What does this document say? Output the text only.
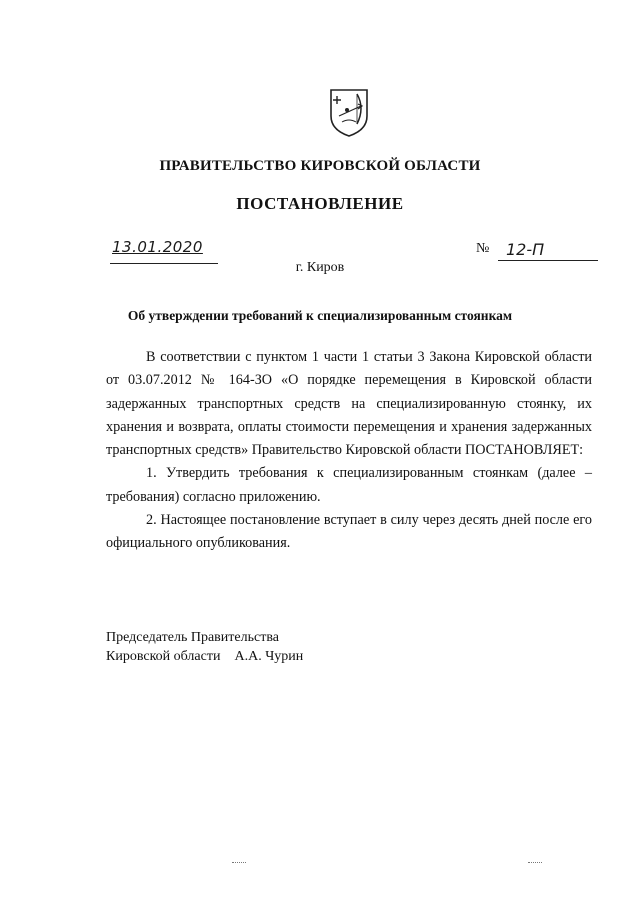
ПРАВИТЕЛЬСТВО КИРОВСКОЙ ОБЛАСТИ
ПОСТАНОВЛЕНИЕ
13.01.2020	№ 12-П
г. Киров
Об утверждении требований к специализированным стоянкам

В соответствии с пунктом 1 части 1 статьи 3 Закона Кировской области от 03.07.2012 № 164-ЗО «О порядке перемещения в Кировской области задержанных транспортных средств на специализированную стоянку, их хранения и возврата, оплаты стоимости перемещения и хранения задержанных транспортных средств» Правительство Кировской области ПОСТАНОВЛЯЕТ:

1. Утвердить требования к специализированным стоянкам (далее – требования) согласно приложению.

2. Настоящее постановление вступает в силу через десять дней после его официального опубликования.

Председатель Правительства
Кировской области А.А. Чурин
